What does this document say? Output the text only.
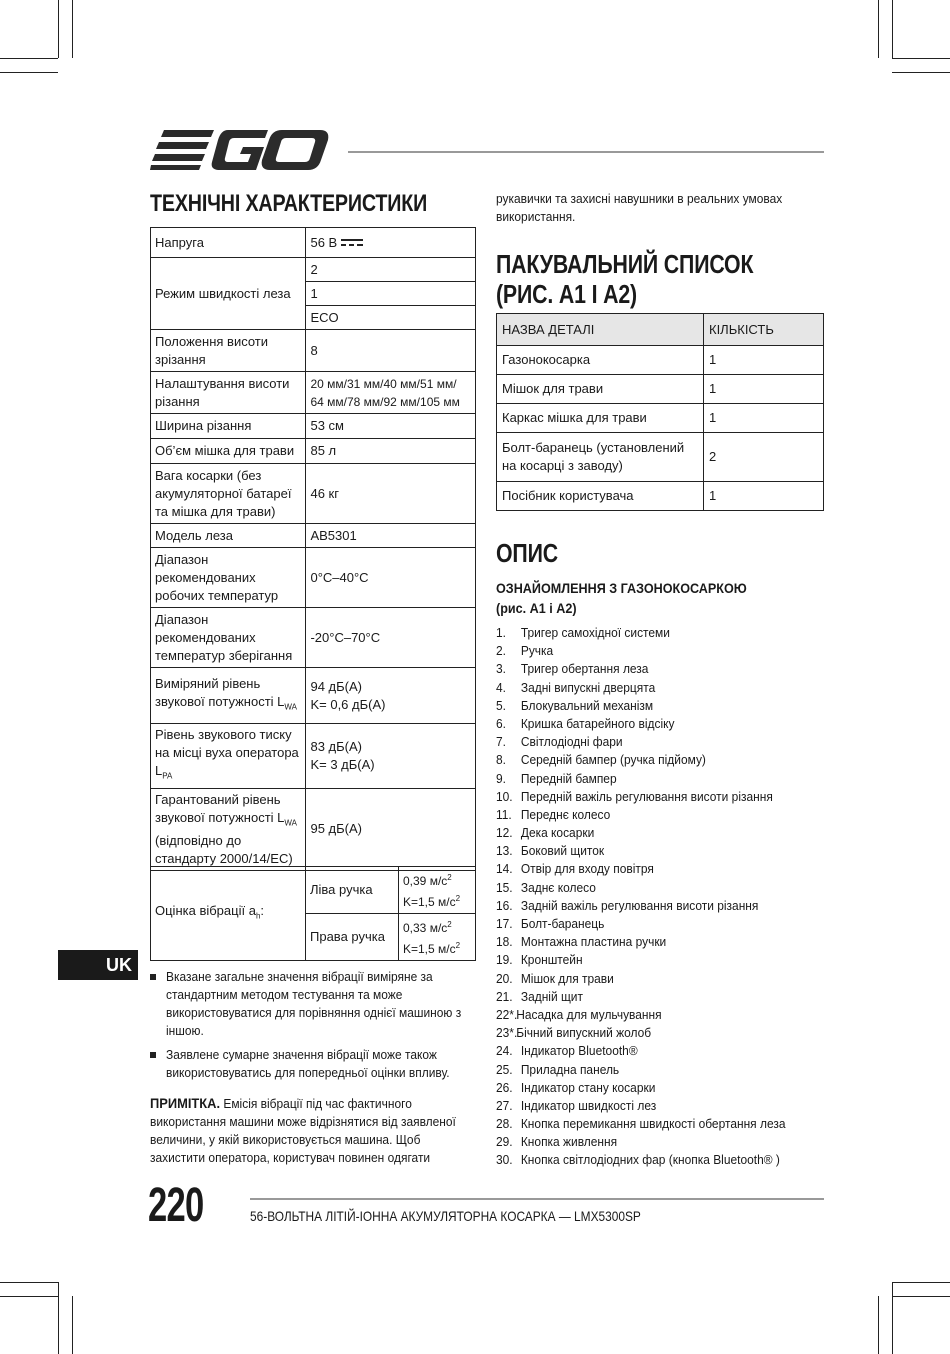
ТЕХНІЧНІ ХАРАКТЕРИСТИКИ
Напруга	56 В

Режим швидкості леза	2
	1
	ECO
Положення висоти зрізання	8
Налаштування висоти різання	20 мм/31 мм/40 мм/51 мм/ 64 мм/78 мм/92 мм/105 мм
Ширина різання	53 см
Об’єм мішка для трави	85 л
Вага косарки (без акумуляторної батареї та мішка для трави)	46 кг
Модель леза	AB5301
Діапазон рекомендованих робочих температур	0°C–40°C
Діапазон рекомендованих температур зберігання	-20°C–70°C
Виміряний рівень звукової потужності $L_{WA}$	94 дБ(A)
K= 0,6 дБ(A)

Рівень звукового тиску на місці вуха оператора $L_{PA}$	83 дБ(A)
K= 3 дБ(A)

Гарантований рівень звукової потужності $L_{WA}$ (відповідно до стандарту 2000/14/EC)	95 дБ(A)
Оцінка вібрації $a_h$:	Ліва ручка	0,39 $м/с^2$
K=1,5 $м/с^2$

	Права ручка	0,33 $м/с^2$
K=1,5 $м/с^2$
UK
Вказане загальне значення вібрації виміряне за стандартним методом тестування та може використовуватися для порівняння однієї машиною з іншою.
Заявлене сумарне значення вібрації може також використовуватись для попередньої оцінки впливу.
ПРИМІТКА. Емісія вібрації під час фактичного використання машини може відрізнятися від заявленої величини, у якій використовується машина. Щоб захистити оператора, користувач повинен одягати
рукавички та захисні навушники в реальних умовах використання.
ПАКУВАЛЬНИЙ СПИСОК
(РИС. A1 І A2)
НАЗВА ДЕТАЛІ	КІЛЬКІСТЬ
Газонокосарка	1
Мішок для трави	1
Каркас мішка для трави	1
Болт-баранець (установлений на косарці з заводу)	2
Посібник користувача	1
ОПИС
ОЗНАЙОМЛЕННЯ З ГАЗОНОКОСАРКОЮ
(рис. A1 і A2)
1. Тригер самохідної системи
2. Ручка
3. Тригер обертання леза
4. Задні випускні дверцята
5. Блокувальний механізм
6. Кришка батарейного відсіку
7. Світлодіодні фари
8. Середній бампер (ручка підйому)
9. Передній бампер
10. Передній важіль регулювання висоти різання
11. Переднє колесо
12. Дека косарки
13. Боковий щиток
14. Отвір для входу повітря
15. Заднє колесо
16. Задній важіль регулювання висоти різання
17. Болт-баранець
18. Монтажна пластина ручки
19. Кронштейн
20. Мішок для трави
21. Задній щит
22*.Насадка для мульчування
23*.Бічний випускний жолоб
24. Індикатор Bluetooth®
25. Приладна панель
26. Індикатор стану косарки
27. Індикатор швидкості лез
28. Кнопка перемикання швидкості обертання леза
29. Кнопка живлення
30. Кнопка світлодіодних фар (кнопка Bluetooth® )
220	56-ВОЛЬТНА ЛІТІЙ-ІОННА АКУМУЛЯТОРНА КОСАРКА — LMX5300SP
